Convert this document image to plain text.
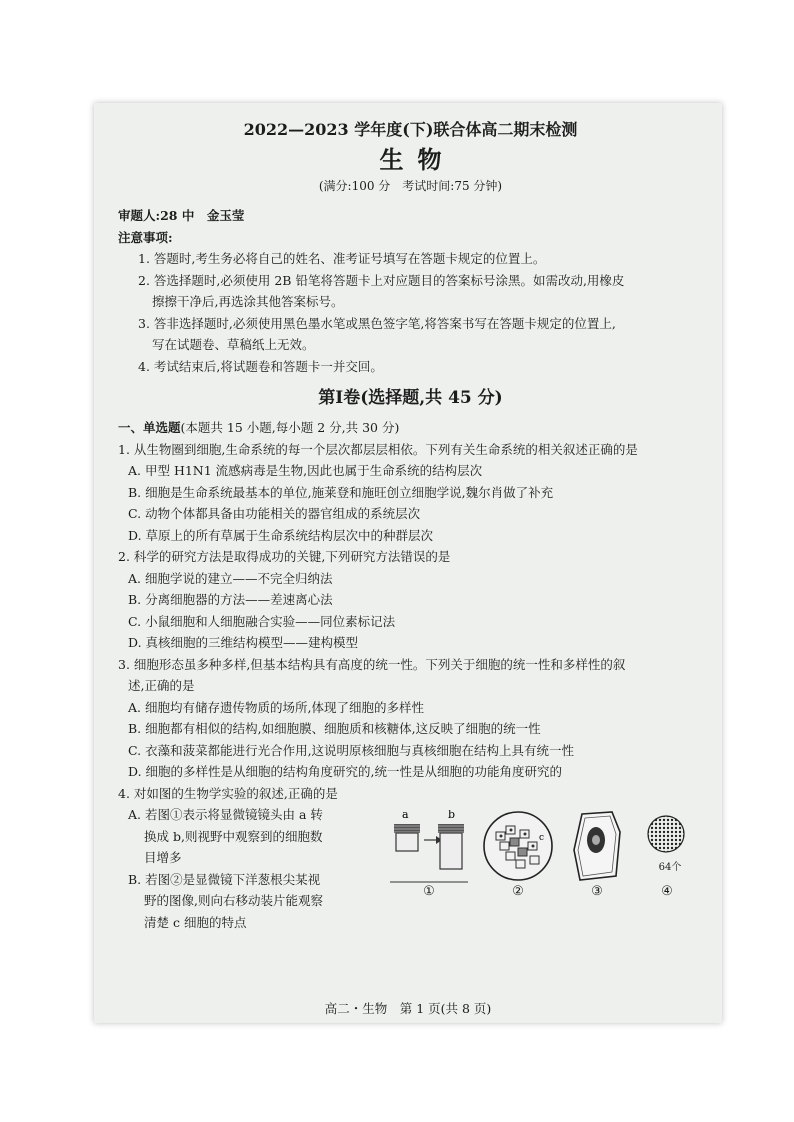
2022—2023 学年度(下)联合体高二期末检测

生物

(满分:100 分　考试时间:75 分钟)

审题人:28 中　金玉莹

注意事项:

1. 答题时,考生务必将自己的姓名、准考证号填写在答题卡规定的位置上。

2. 答选择题时,必须使用 2B 铅笔将答题卡上对应题目的答案标号涂黑。如需改动,用橡皮

擦擦干净后,再选涂其他答案标号。

3. 答非选择题时,必须使用黑色墨水笔或黑色签字笔,将答案书写在答题卡规定的位置上,

写在试题卷、草稿纸上无效。

4. 考试结束后,将试题卷和答题卡一并交回。

第Ⅰ卷(选择题,共 45 分)

一、单选题(本题共 15 小题,每小题 2 分,共 30 分)

1. 从生物圈到细胞,生命系统的每一个层次都层层相依。下列有关生命系统的相关叙述正确的是

A. 甲型 H1N1 流感病毒是生物,因此也属于生命系统的结构层次

B. 细胞是生命系统最基本的单位,施莱登和施旺创立细胞学说,魏尔肖做了补充

C. 动物个体都具备由功能相关的器官组成的系统层次

D. 草原上的所有草属于生命系统结构层次中的种群层次

2. 科学的研究方法是取得成功的关键,下列研究方法错误的是

A. 细胞学说的建立——不完全归纳法

B. 分离细胞器的方法——差速离心法

C. 小鼠细胞和人细胞融合实验——同位素标记法

D. 真核细胞的三维结构模型——建构模型

3. 细胞形态虽多种多样,但基本结构具有高度的统一性。下列关于细胞的统一性和多样性的叙

述,正确的是

A. 细胞均有储存遗传物质的场所,体现了细胞的多样性

B. 细胞都有相似的结构,如细胞膜、细胞质和核糖体,这反映了细胞的统一性

C. 衣藻和菠菜都能进行光合作用,这说明原核细胞与真核细胞在结构上具有统一性

D. 细胞的多样性是从细胞的结构角度研究的,统一性是从细胞的功能角度研究的

4. 对如图的生物学实验的叙述,正确的是

A. 若图①表示将显微镜镜头由 a 转

换成 b,则视野中观察到的细胞数

目增多

B. 若图②是显微镜下洋葱根尖某视

野的图像,则向右移动装片能观察

清楚 c 细胞的特点

a	b
①
c
②	③
64个
④
高二・生物　第 1 页(共 8 页)
